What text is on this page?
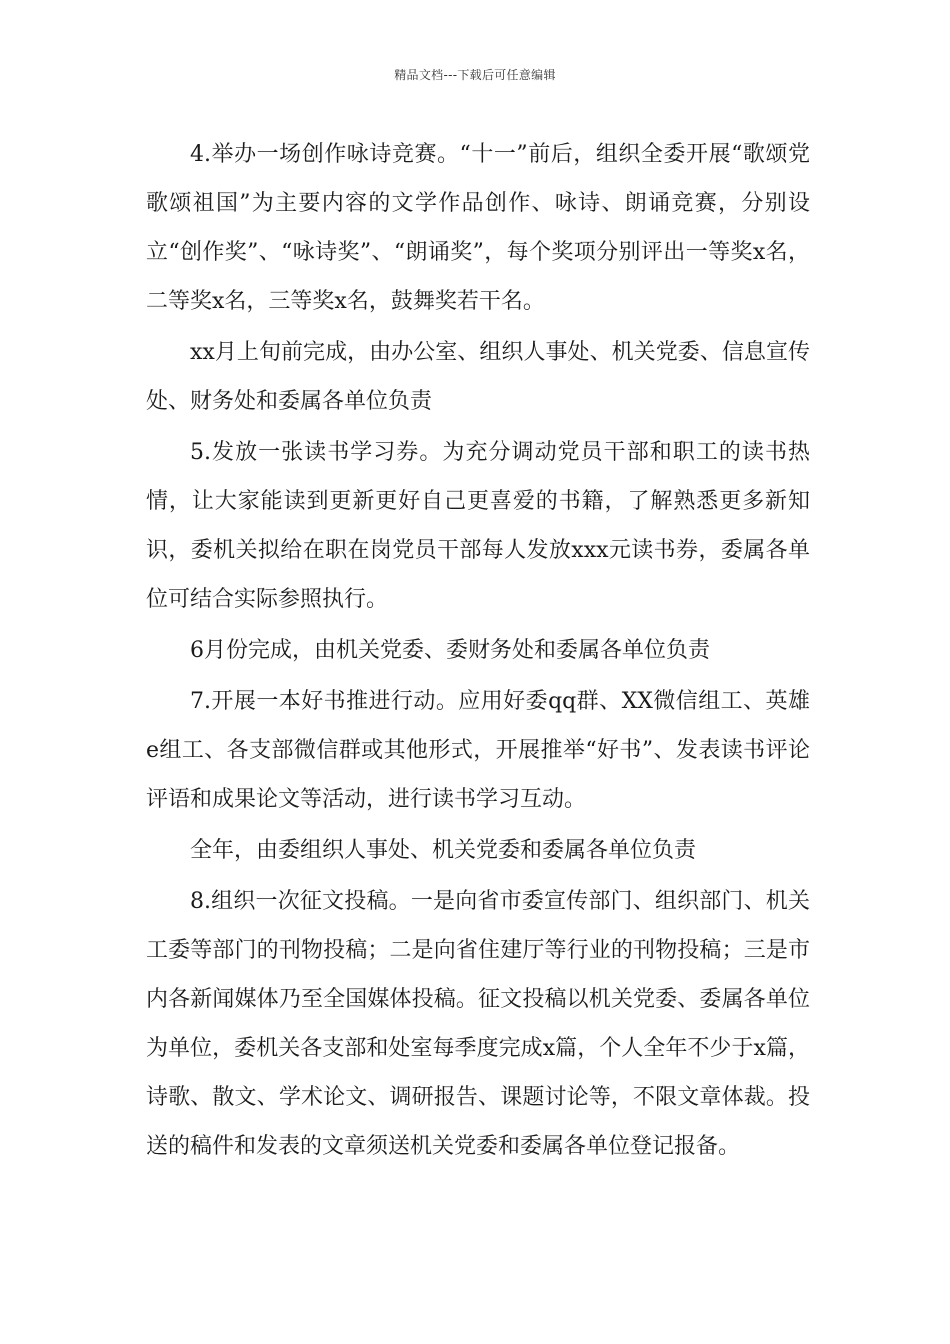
精品文档---下载后可任意编辑

4.举办一场创作咏诗竞赛。“十一”前后，组织全委开展“歌颂党歌颂祖国”为主要内容的文学作品创作、咏诗、朗诵竞赛，分别设立“创作奖”、“咏诗奖”、“朗诵奖”，每个奖项分别评出一等奖x名，二等奖x名，三等奖x名，鼓舞奖若干名。

xx月上旬前完成，由办公室、组织人事处、机关党委、信息宣传处、财务处和委属各单位负责

5.发放一张读书学习券。为充分调动党员干部和职工的读书热情，让大家能读到更新更好自己更喜爱的书籍，了解熟悉更多新知识，委机关拟给在职在岗党员干部每人发放xxx元读书券，委属各单位可结合实际参照执行。

6月份完成，由机关党委、委财务处和委属各单位负责

7.开展一本好书推进行动。应用好委qq群、XX微信组工、英雄e组工、各支部微信群或其他形式，开展推举“好书”、发表读书评论评语和成果论文等活动，进行读书学习互动。

全年，由委组织人事处、机关党委和委属各单位负责

8.组织一次征文投稿。一是向省市委宣传部门、组织部门、机关工委等部门的刊物投稿；二是向省住建厅等行业的刊物投稿；三是市内各新闻媒体乃至全国媒体投稿。征文投稿以机关党委、委属各单位为单位，委机关各支部和处室每季度完成x篇，个人全年不少于x篇，诗歌、散文、学术论文、调研报告、课题讨论等，不限文章体裁。投送的稿件和发表的文章须送机关党委和委属各单位登记报备。
